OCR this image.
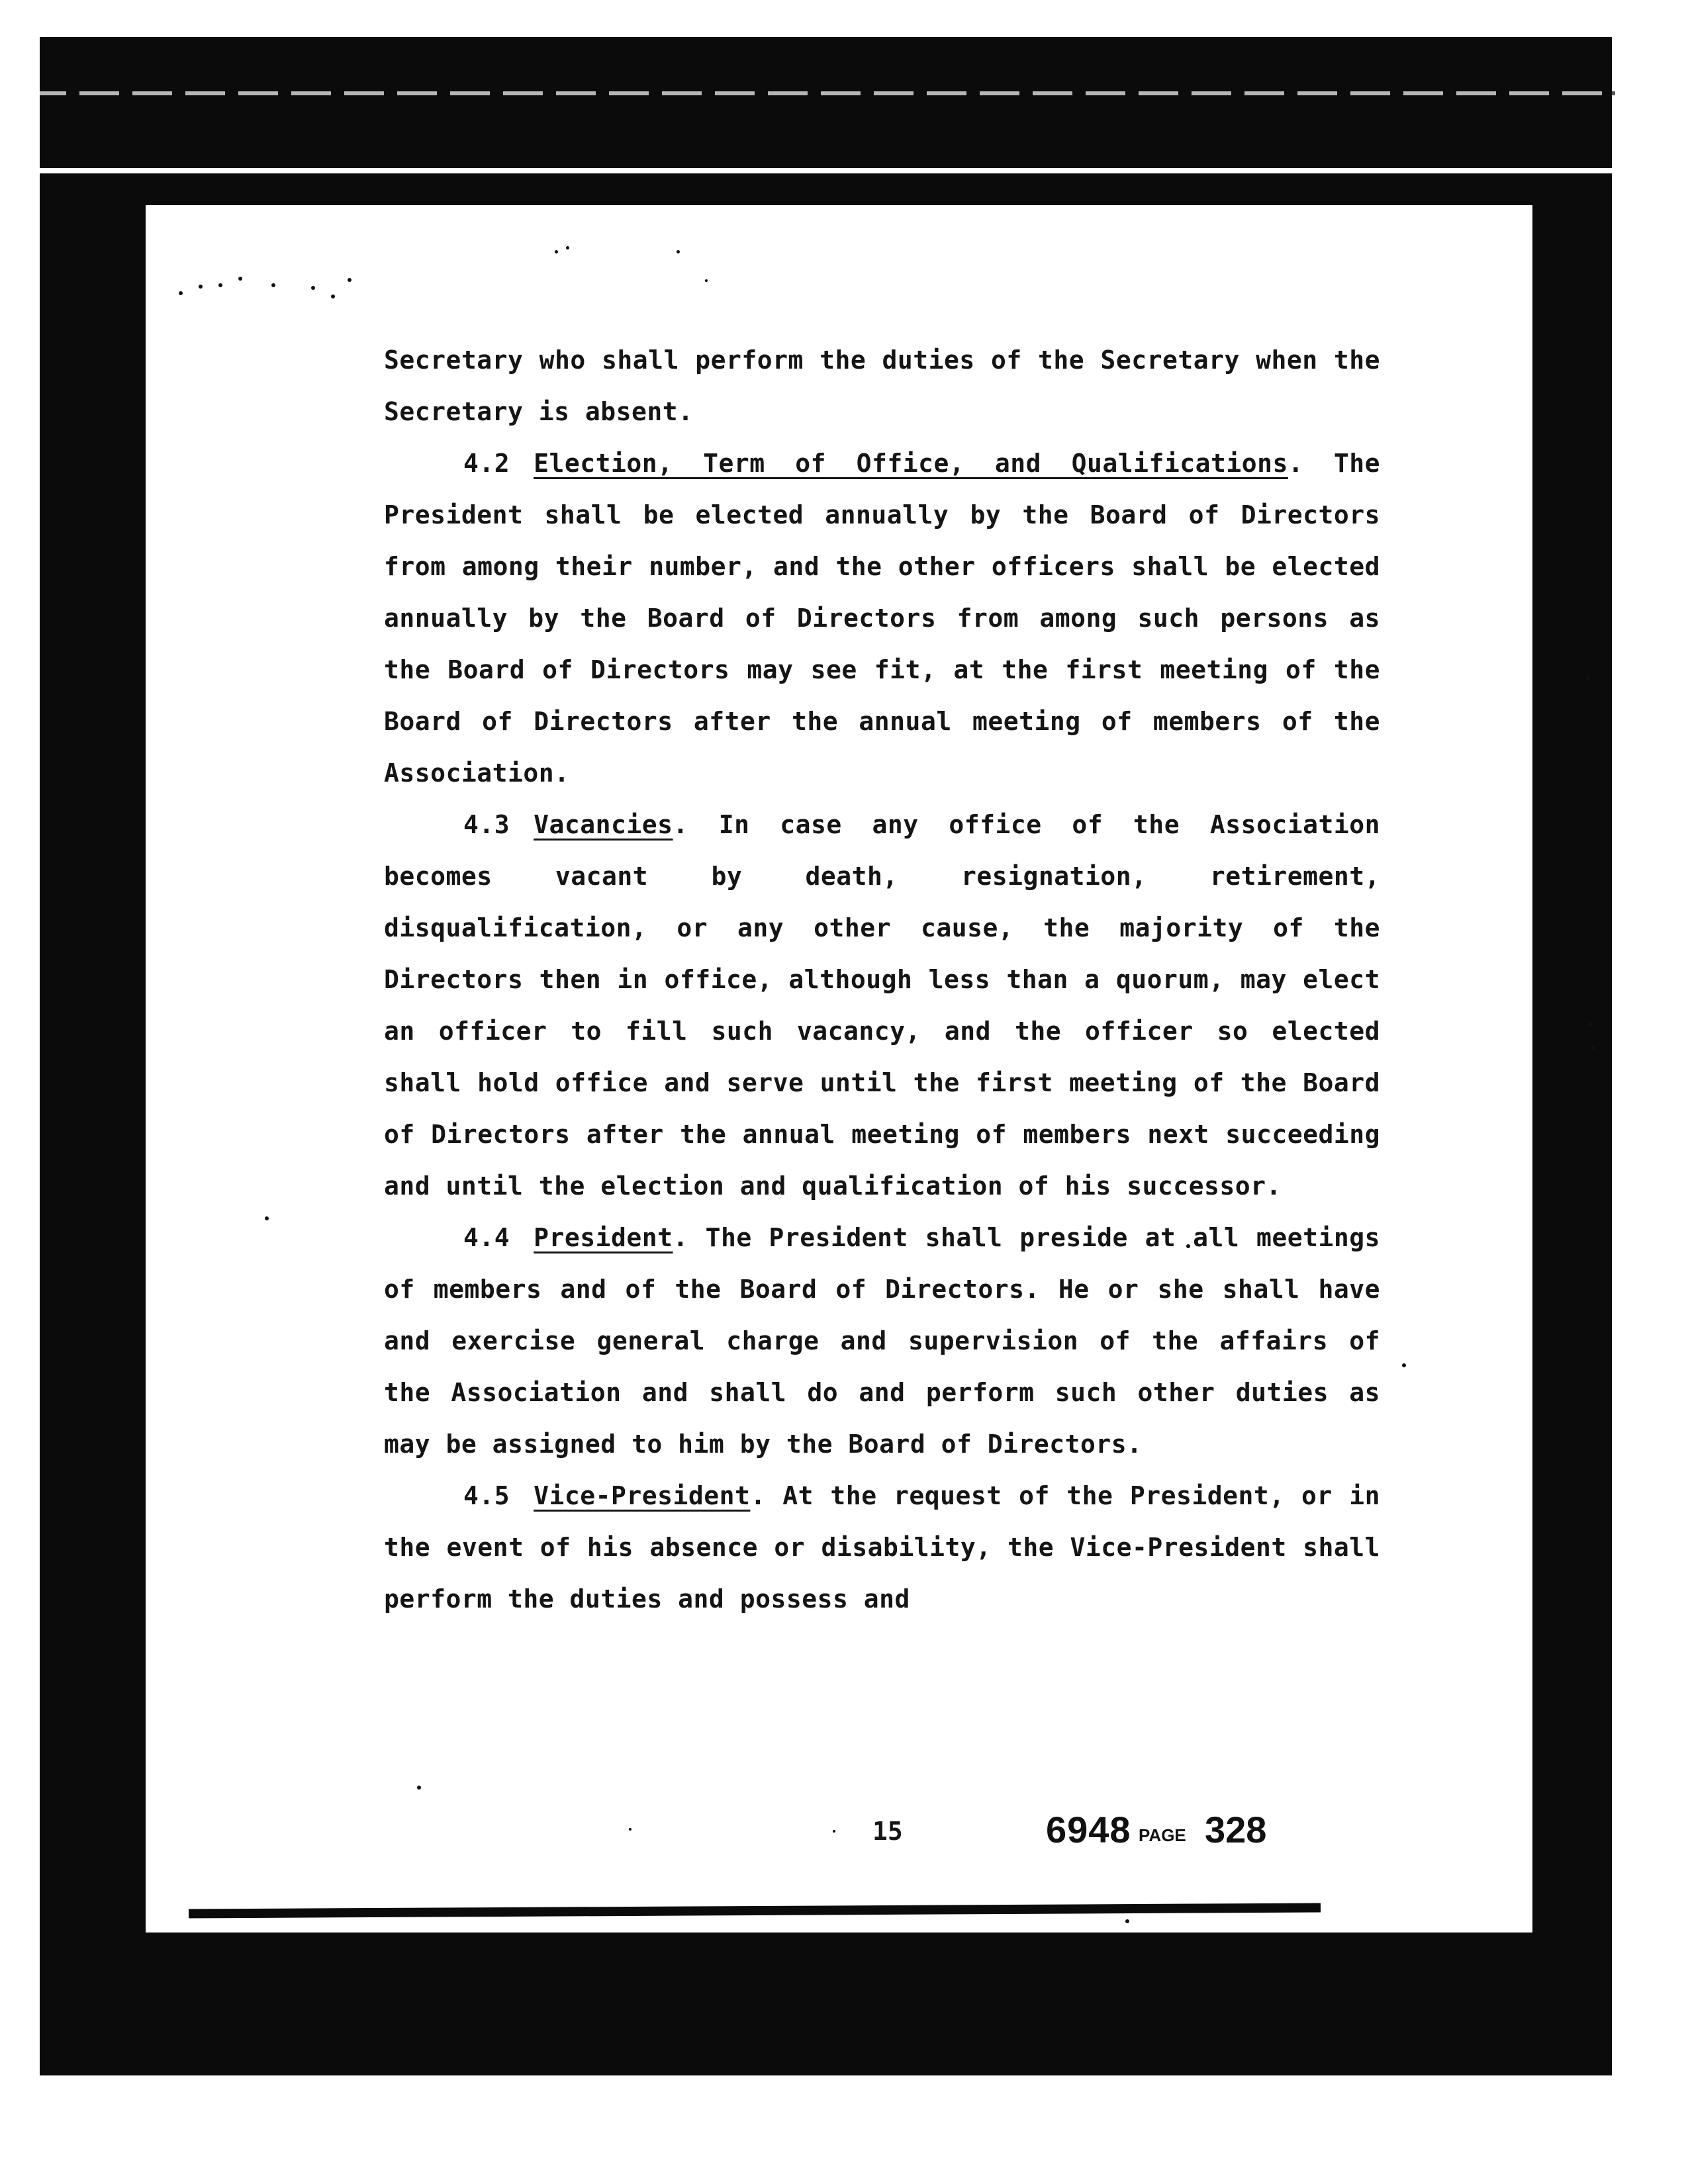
Secretary who shall perform the duties of the Secretary when the Secretary is absent.

4.2 Election, Term of Office, and Qualifications. The President shall be elected annually by the Board of Directors from among their number, and the other officers shall be elected annually by the Board of Directors from among such persons as the Board of Directors may see fit, at the first meeting of the Board of Directors after the annual meeting of members of the Association.

4.3 Vacancies. In case any office of the Association becomes vacant by death, resignation, retirement, disqualification, or any other cause, the majority of the Directors then in office, although less than a quorum, may elect an officer to fill such vacancy, and the officer so elected shall hold office and serve until the first meeting of the Board of Directors after the annual meeting of members next succeeding and until the election and qualification of his successor.

4.4 President. The President shall preside at all meetings of members and of the Board of Directors. He or she shall have and exercise general charge and supervision of the affairs of the Association and shall do and perform such other duties as may be assigned to him by the Board of Directors.

4.5 Vice-President. At the request of the President, or in the event of his absence or disability, the Vice-President shall perform the duties and possess and

15	6948 PAGE 328
